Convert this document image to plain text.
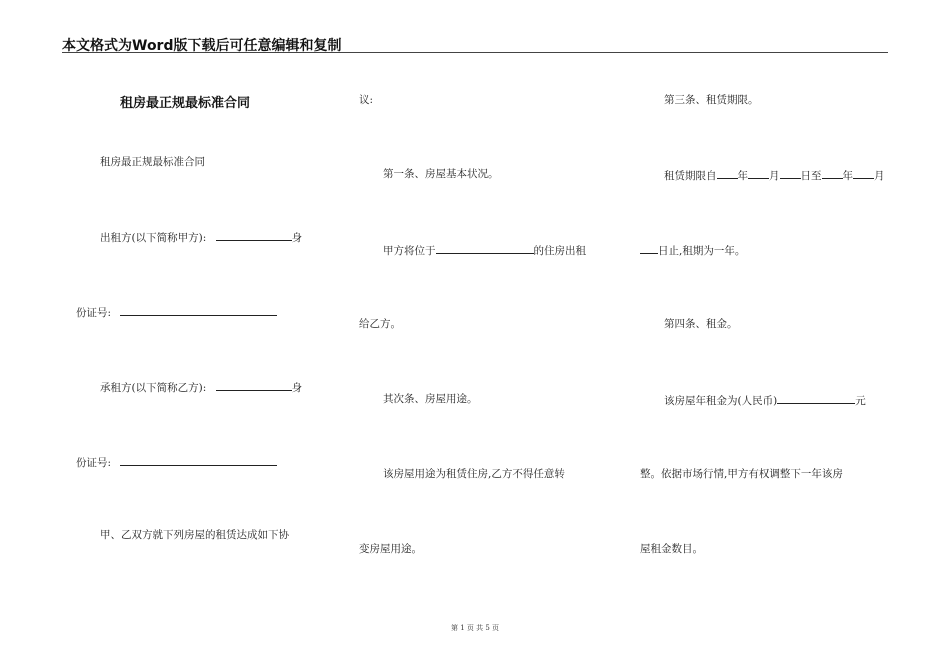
本文格式为Word版下载后可任意编辑和复制
租房最正规最标准合同
租房最正规最标准合同
出租方(以下简称甲方):	身
份证号:
承租方(以下简称乙方):	身
份证号:
甲、乙双方就下列房屋的租赁达成如下协
议:
第一条、房屋基本状况。
甲方将位于	的住房出租
给乙方。
其次条、房屋用途。
该房屋用途为租赁住房,乙方不得任意转
变房屋用途。
第三条、租赁期限。
租赁期限自 年 月 日至 年 月
日止,租期为一年。
第四条、租金。
该房屋年租金为(人民币)	元
整。依据市场行情,甲方有权调整下一年该房
屋租金数目。
第 1 页 共 5 页
